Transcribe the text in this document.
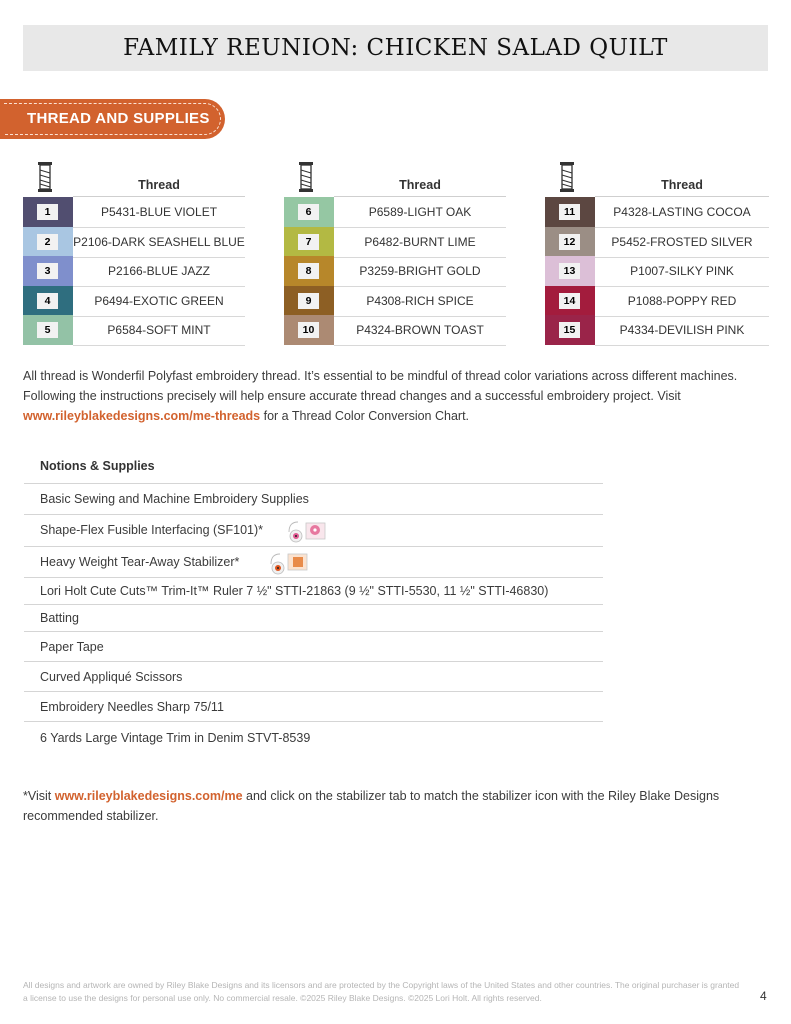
FAMILY REUNION: CHICKEN SALAD QUILT
THREAD AND SUPPLIES
Thread
1	P5431-BLUE VIOLET
2	P2106-DARK SEASHELL BLUE
3	P2166-BLUE JAZZ
4	P6494-EXOTIC GREEN
5	P6584-SOFT MINT
Thread
6	P6589-LIGHT OAK
7	P6482-BURNT LIME
8	P3259-BRIGHT GOLD
9	P4308-RICH SPICE
10	P4324-BROWN TOAST
Thread
11	P4328-LASTING COCOA
12	P5452-FROSTED SILVER
13	P1007-SILKY PINK
14	P1088-POPPY RED
15	P4334-DEVILISH PINK

All thread is Wonderfil Polyfast embroidery thread. It’s essential to be mindful of thread color variations across different machines. Following the instructions precisely will help ensure accurate thread changes and a successful embroidery project. Visit www.rileyblakedesigns.com/me-threads for a Thread Color Conversion Chart.

Notions & Supplies
Basic Sewing and Machine Embroidery Supplies
Shape-Flex Fusible Interfacing (SF101)*
Heavy Weight Tear-Away Stabilizer*
Lori Holt Cute Cuts™ Trim-It™ Ruler 7 ½" STTI-21863 (9 ½" STTI-5530, 11 ½" STTI-46830)
Batting
Paper Tape
Curved Appliqué Scissors
Embroidery Needles Sharp 75/11
6 Yards Large Vintage Trim in Denim STVT-8539

*Visit www.rileyblakedesigns.com/me and click on the stabilizer tab to match the stabilizer icon with the Riley Blake Designs recommended stabilizer.

All designs and artwork are owned by Riley Blake Designs and its licensors and are protected by the Copyright laws of the United States and other countries. The original purchaser is granted a license to use the designs for personal use only. No commercial resale. ©2025 Riley Blake Designs. ©2025 Lori Holt. All rights reserved.	4
